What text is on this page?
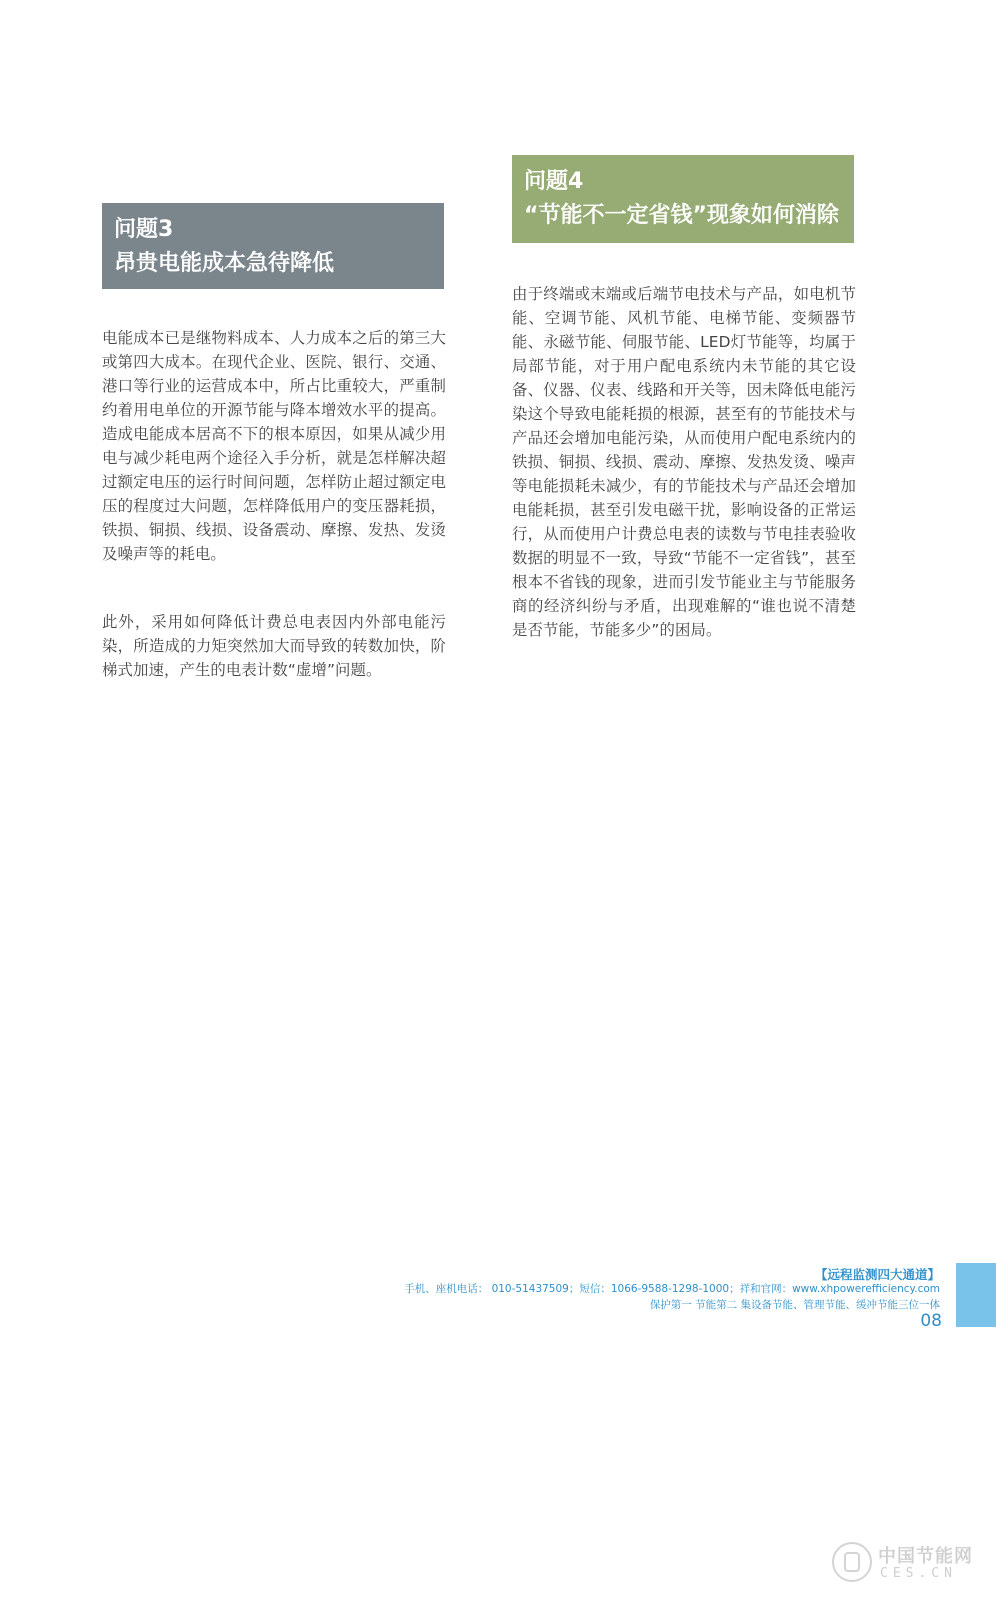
问题3
昂贵电能成本急待降低
电能成本已是继物料成本、人力成本之后的第三大或第四大成本。在现代企业、医院、银行、交通、港口等行业的运营成本中，所占比重较大，严重制约着用电单位的开源节能与降本增效水平的提高。造成电能成本居高不下的根本原因，如果从减少用电与减少耗电两个途径入手分析，就是怎样解决超过额定电压的运行时间问题，怎样防止超过额定电压的程度过大问题，怎样降低用户的变压器耗损，铁损、铜损、线损、设备震动、摩擦、发热、发烫及噪声等的耗电。
此外，采用如何降低计费总电表因内外部电能污染，所造成的力矩突然加大而导致的转数加快，阶梯式加速，产生的电表计数“虚增”问题。
问题4
“节能不一定省钱”现象如何消除
由于终端或末端或后端节电技术与产品，如电机节能、空调节能、风机节能、电梯节能、变频器节能、永磁节能、伺服节能、LED灯节能等，均属于局部节能，对于用户配电系统内未节能的其它设备、仪器、仪表、线路和开关等，因未降低电能污染这个导致电能耗损的根源，甚至有的节能技术与产品还会增加电能污染，从而使用户配电系统内的铁损、铜损、线损、震动、摩擦、发热发烫、噪声等电能损耗未减少，有的节能技术与产品还会增加电能耗损，甚至引发电磁干扰，影响设备的正常运行，从而使用户计费总电表的读数与节电挂表验收数据的明显不一致，导致“节能不一定省钱”，甚至根本不省钱的现象，进而引发节能业主与节能服务商的经济纠纷与矛盾，出现难解的“谁也说不清楚是否节能，节能多少”的困局。
【远程监测四大通道】
手机、座机电话： 010-51437509；短信：1066-9588-1298-1000；祥和官网：www.xhpowerefficiency.com
保护第一 节能第二 集设备节能、管理节能、缓冲节能三位一体
08
中国节能网
CES.CN
